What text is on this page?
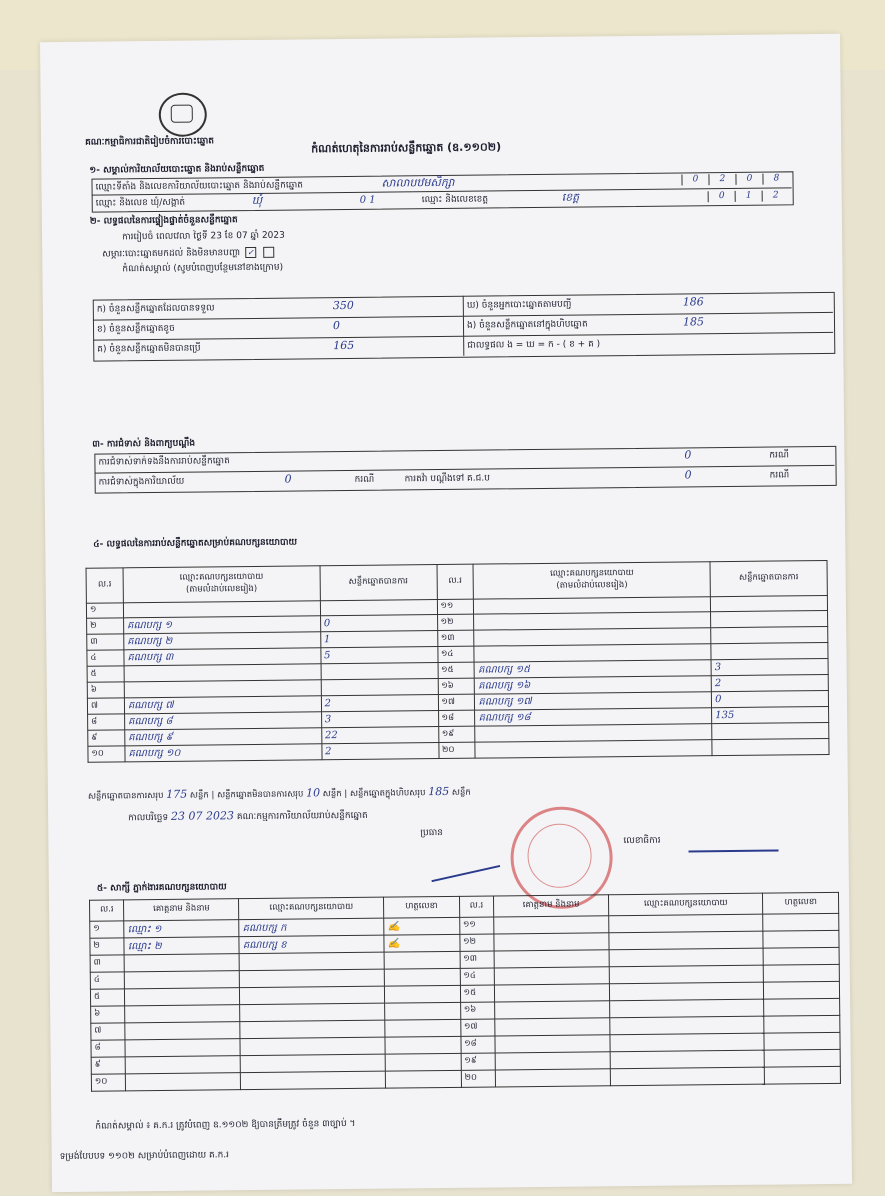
គណៈកម្មាធិការជាតិរៀបចំការបោះឆ្នោត	កំណត់ហេតុនៃការរាប់សន្លឹកឆ្នោត (ឧ.១១០២)
១- សម្គាល់ការិយាល័យបោះឆ្នោត និងរាប់សន្លឹកឆ្នោត
ឈ្មោះទីតាំង និងលេខការិយាល័យបោះឆ្នោត និងរាប់សន្លឹកឆ្នោត	សាលាបឋមសិក្សា	0 2 0 8
ឈ្មោះ និងលេខ ឃុំ/សង្កាត់	ឃុំ	0 1	ឈ្មោះ និងលេខខេត្ត	ខេត្ត	0 1 2
២- លទ្ធផលនៃការផ្ទៀងផ្ទាត់ចំនួនសន្លឹកឆ្នោត
ការរៀបចំ ពេលវេលា ថ្ងៃទី 23 ខែ 07 ឆ្នាំ 2023
សម្ភារៈបោះឆ្នោតមកដល់ និងមិនមានបញ្ហា ✓
កំណត់សម្គាល់ (សូមបំពេញបន្ថែមនៅខាងក្រោម)
ក) ចំនួនសន្លឹកឆ្នោតដែលបានទទួល	350
ខ) ចំនួនសន្លឹកឆ្នោតខូច	0
គ) ចំនួនសន្លឹកឆ្នោតមិនបានប្រើ	165
ឃ) ចំនួនអ្នកបោះឆ្នោតតាមបញ្ជី	186
ង) ចំនួនសន្លឹកឆ្នោតនៅក្នុងហិបឆ្នោត	185
ជាលទ្ធផល ង = ឃ = ក - ( ខ + គ )
៣- ការជំទាស់ និងពាក្យបណ្តឹង
ការជំទាស់ទាក់ទងនឹងការរាប់សន្លឹកឆ្នោត
0	ករណី
ការជំទាស់ក្នុងការិយាល័យ	0	ករណី	ការតវ៉ា បណ្តឹងទៅ គ.ជ.ប	0	ករណី
៤- លទ្ធផលនៃការរាប់សន្លឹកឆ្នោតសម្រាប់គណបក្សនយោបាយ
ល.រ	ឈ្មោះគណបក្សនយោបាយ
(តាមលំដាប់លេខរៀង)	សន្លឹកឆ្នោតបានការ	ល.រ	ឈ្មោះគណបក្សនយោបាយ
(តាមលំដាប់លេខរៀង)	សន្លឹកឆ្នោតបានការ
១			១១		
២	គណបក្ស ១	0	១២		
៣	គណបក្ស ២	1	១៣		
៤	គណបក្ស ៣	5	១៤		
៥			១៥	គណបក្ស ១៥	3
៦			១៦	គណបក្ស ១៦	2
៧	គណបក្ស ៧	2	១៧	គណបក្ស ១៧	0
៨	គណបក្ស ៨	3	១៨	គណបក្ស ១៨	135
៩	គណបក្ស ៩	22	១៩		
១០	គណបក្ស ១០	2	២០		
សន្លឹកឆ្នោតបានការសរុប 175 សន្លឹក | សន្លឹកឆ្នោតមិនបានការសរុប 10 សន្លឹក | សន្លឹកឆ្នោតក្នុងហិបសរុប 185 សន្លឹក
កាលបរិច្ឆេទ 23 07 2023 គណៈកម្មការការិយាល័យរាប់សន្លឹកឆ្នោត
ប្រធាន
លេខាធិការ
៥- សាក្សី ភ្នាក់ងារគណបក្សនយោបាយ
ល.រ	គោត្តនាម និងនាម	ឈ្មោះគណបក្សនយោបាយ	ហត្ថលេខា	ល.រ	គោត្តនាម និងនាម	ឈ្មោះគណបក្សនយោបាយ	ហត្ថលេខា
១	ឈ្មោះ ១	គណបក្ស ក	✍	១១			
២	ឈ្មោះ ២	គណបក្ស ខ	✍	១២			
៣				១៣			
៤				១៤			
៥				១៥			
៦				១៦			
៧				១៧			
៨				១៨			
៩				១៩			
១០				២០			
កំណត់សម្គាល់ ៖ គ.ក.រ ត្រូវបំពេញ ឧ.១១០២ ឱ្យបានត្រឹមត្រូវ ចំនួន ៣ច្បាប់ ។
ទម្រង់បែបបទ ១១០២ សម្រាប់បំពេញដោយ គ.ក.រ
